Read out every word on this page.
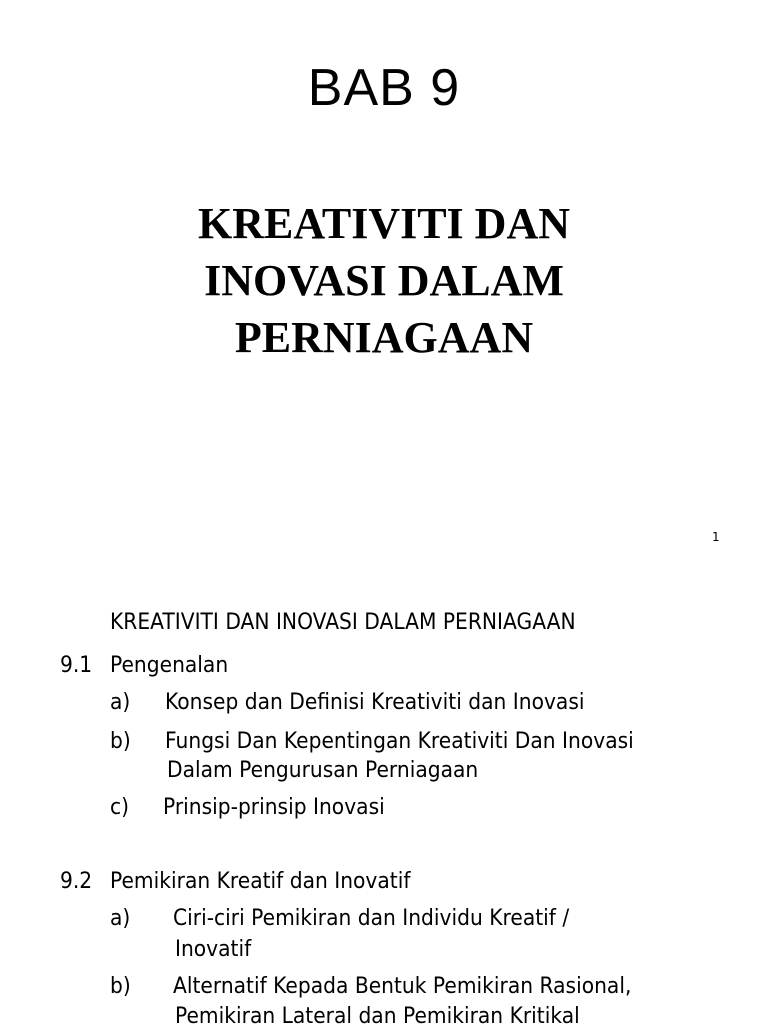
BAB 9
KREATIVITI DAN
INOVASI DALAM
PERNIAGAAN
1
KREATIVITI DAN INOVASI DALAM PERNIAGAAN
9.1 Pengenalan
a) Konsep dan Definisi Kreativiti dan Inovasi
b) Fungsi Dan Kepentingan Kreativiti Dan Inovasi
Dalam Pengurusan Perniagaan
c) Prinsip-prinsip Inovasi
9.2 Pemikiran Kreatif dan Inovatif
a) Ciri-ciri Pemikiran dan Individu Kreatif /
Inovatif
b) Alternatif Kepada Bentuk Pemikiran Rasional,
Pemikiran Lateral dan Pemikiran Kritikal
